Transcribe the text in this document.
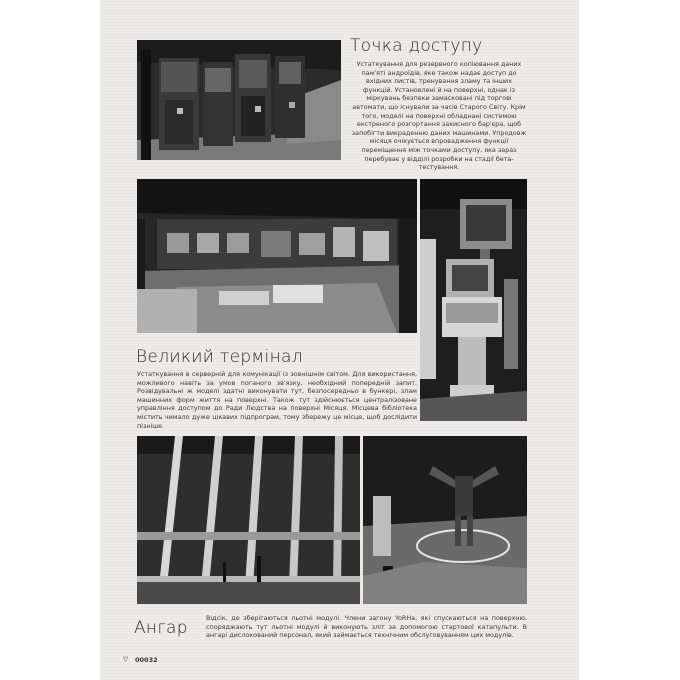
Точка доступу

Устаткування для резервного копіювання даних пам'яті андроїдів, яке також надає доступ до вхідних листів, тренування зламу та інших функцій. Установлені й на поверхні, однак із міркувань безпеки замасковані під торгові автомати, що існували за часів Старого Світу. Крім того, моделі на поверхні обладнані системою екстреного розгортання захисного бар'єра, щоб запобігти викраденню даних машинами. Упродовж місяця очікується впровадження функції переміщення між точками доступу, яка зараз перебуває у відділі розробки на стадії бета-тестування.

Великий термінал

Устаткування в серверній для комунікації із зовнішнім світом. Для використання, можливого навіть за умов поганого зв'язку, необхідний попередній запит. Розвідувальні ж моделі здатні виконувати тут, безпосередньо в бункері, злам машинних форм життя на поверхні. Також тут здійснюється централізоване управління доступом до Ради Людства на поверхні Місяця. Місцева бібліотека містить чимало дуже цікавих підпрограм, тому збережу це місце, щоб дослідити пізніше.

Ангар	Відсік, де зберігаються льотні модулі. Члени загону YoRHa, які спускаються на поверхню, споряджають тут льотні модулі й виконують зліт за допомогою стартової катапульти. В ангарі дислокований персонал, який займається технічним обслуговуванням цих модулів.

▽ 00032
